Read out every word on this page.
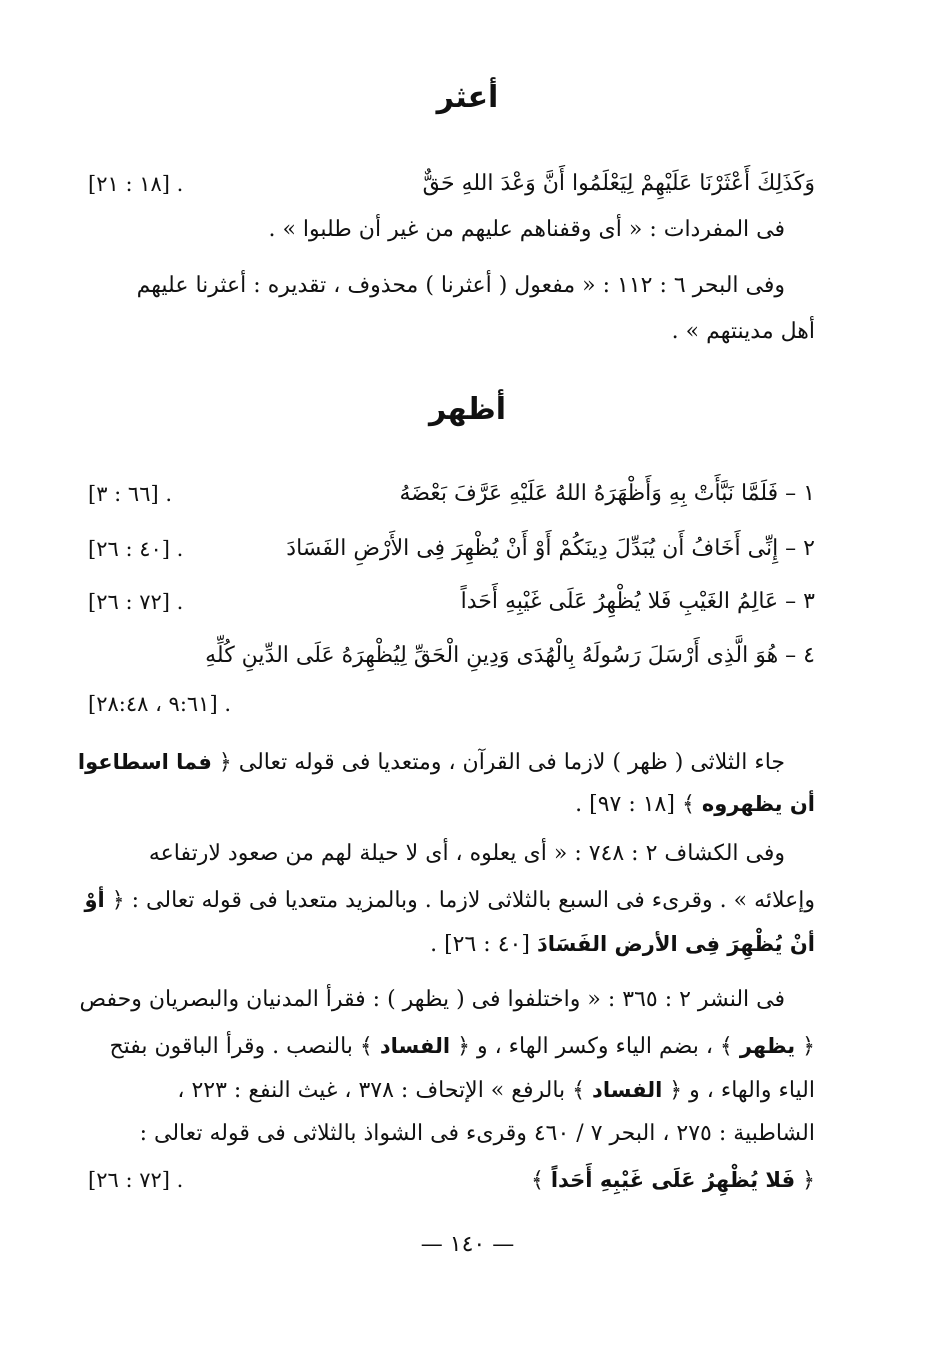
أعثر
وَكَذَلِكَ أَعْثَرْنَا عَلَيْهِمْ لِيَعْلَمُوا أَنَّ وَعْدَ اللهِ حَقٌّ
[١٨ : ٢١] .
فى المفردات : « أى وقفناهم عليهم من غير أن طلبوا » .
وفى البحر ٦ : ١١٢ : « مفعول ( أعثرنا ) محذوف ، تقديره : أعثرنا عليهم
أهل مدينتهم » .
أظهر
١ – فَلَمَّا نَبَّأَتْ بِهِ وَأَظْهَرَهُ اللهُ عَلَيْهِ عَرَّفَ بَعْضَهُ
[٦٦ : ٣] .
٢ – إِنِّى أَخَافُ أَن يُبَدِّلَ دِينَكُمْ أَوْ أَنْ يُظْهِرَ فِى الأَرْضِ الفَسَادَ
[٤٠ : ٢٦] .
٣ – عَالِمُ الغَيْبِ فَلا يُظْهِرُ عَلَى غَيْبِهِ أَحَداً
[٧٢ : ٢٦] .
٤ – هُوَ الَّذِى أَرْسَلَ رَسُولَهُ بِالْهُدَى وَدِينِ الْحَقِّ لِيُظْهِرَهُ عَلَى الدِّينِ كُلِّهِ
[٩:٦١ ، ٢٨:٤٨] .
جاء الثلاثى ( ظهر ) لازما فى القرآن ، ومتعديا فى قوله تعالى ﴿ فما اسطاعوا
أن يظهروه ﴾ [١٨ : ٩٧] .
وفى الكشاف ٢ : ٧٤٨ : « أى يعلوه ، أى لا حيلة لهم من صعود لارتفاعه
وإعلائه » . وقرىء فى السبع بالثلاثى لازما . وبالمزيد متعديا فى قوله تعالى : ﴿ أوْ
أنْ يُظْهِرَ فِى الأرض الفَسَادَ [٤٠ : ٢٦] .
فى النشر ٢ : ٣٦٥ : « واختلفوا فى ( يظهر ) : فقرأ المدنيان والبصريان وحفص
﴿ يظهر ﴾ ، بضم الياء وكسر الهاء ، و ﴿ الفساد ﴾ بالنصب . وقرأ الباقون بفتح
الياء والهاء ، و ﴿ الفساد ﴾ بالرفع » الإتحاف : ٣٧٨ ، غيث النفع : ٢٢٣ ،
الشاطبية : ٢٧٥ ، البحر ٧ / ٤٦٠ وقرىء فى الشواذ بالثلاثى فى قوله تعالى :
﴿ فَلا يُظْهِرُ عَلَى غَيْبِهِ أَحَداً ﴾
[٧٢ : ٢٦] .
— ١٤٠ —
